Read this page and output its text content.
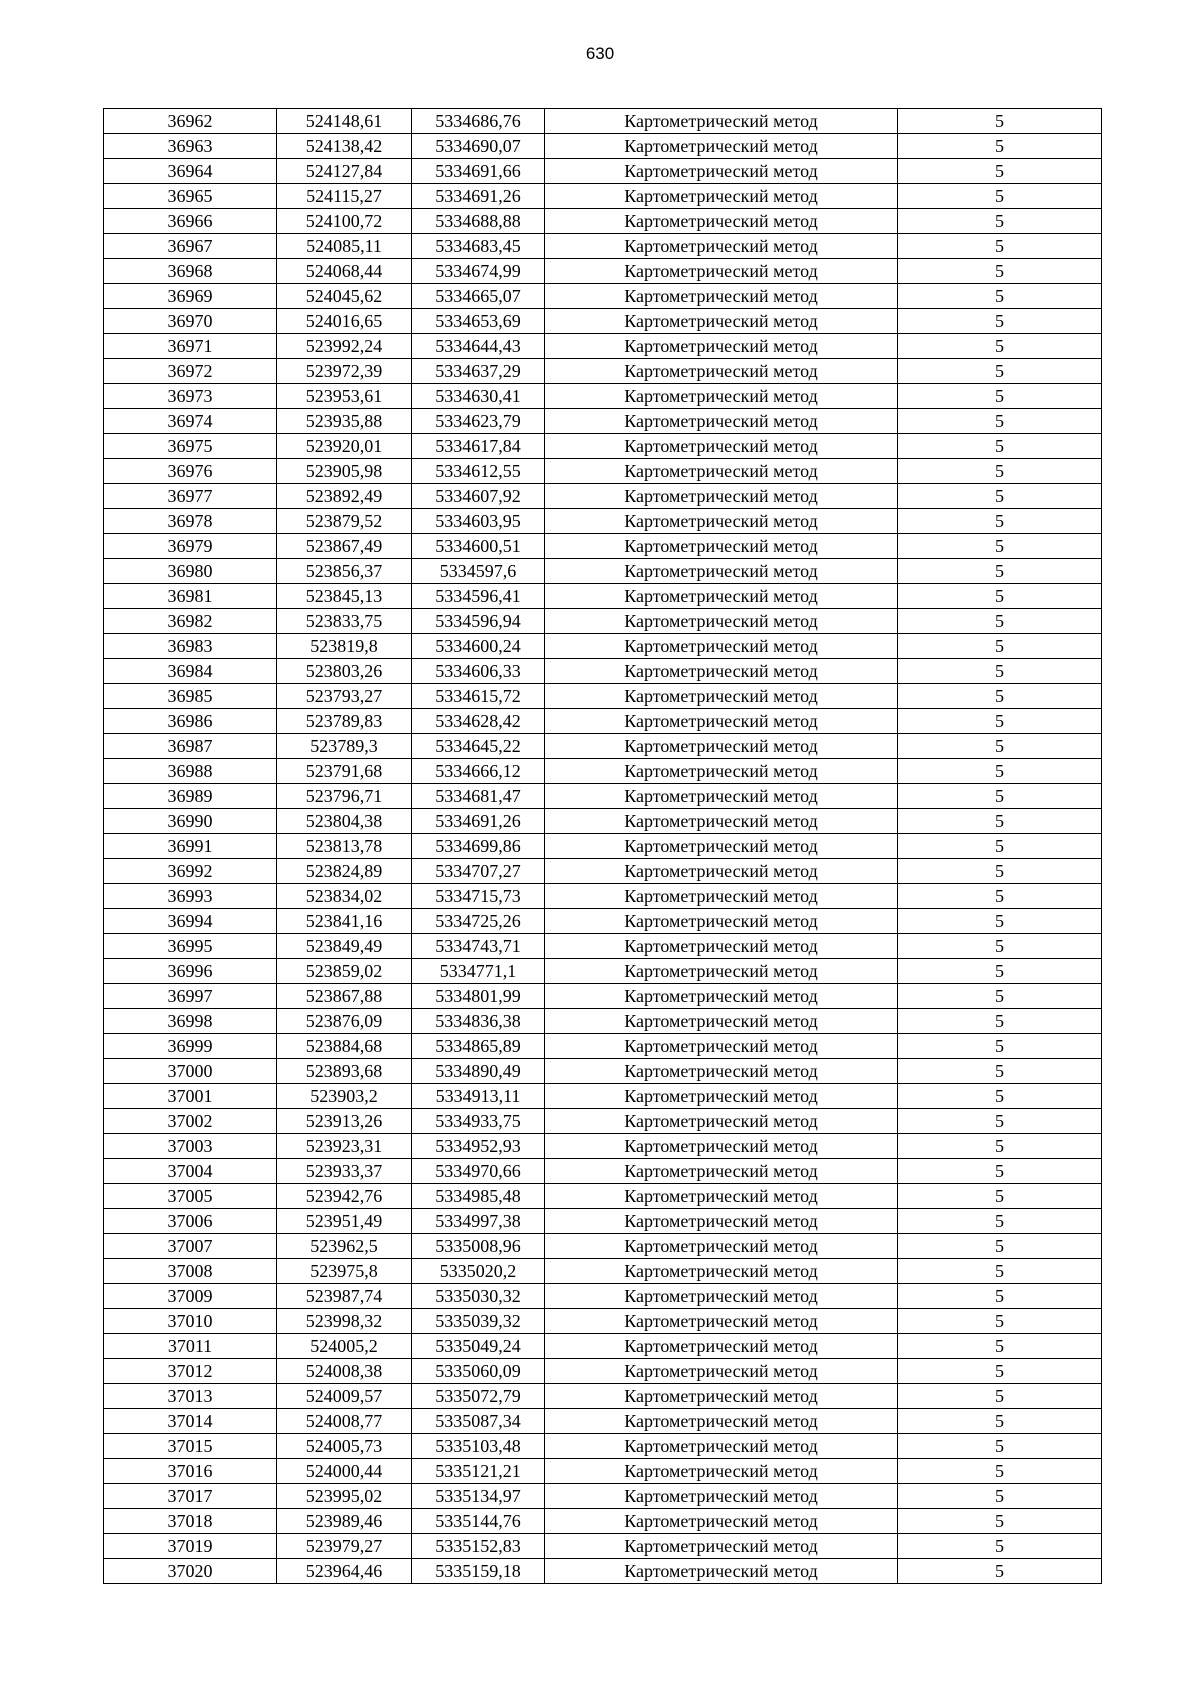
630
36962	524148,61	5334686,76	Картометрический метод	5
36963	524138,42	5334690,07	Картометрический метод	5
36964	524127,84	5334691,66	Картометрический метод	5
36965	524115,27	5334691,26	Картометрический метод	5
36966	524100,72	5334688,88	Картометрический метод	5
36967	524085,11	5334683,45	Картометрический метод	5
36968	524068,44	5334674,99	Картометрический метод	5
36969	524045,62	5334665,07	Картометрический метод	5
36970	524016,65	5334653,69	Картометрический метод	5
36971	523992,24	5334644,43	Картометрический метод	5
36972	523972,39	5334637,29	Картометрический метод	5
36973	523953,61	5334630,41	Картометрический метод	5
36974	523935,88	5334623,79	Картометрический метод	5
36975	523920,01	5334617,84	Картометрический метод	5
36976	523905,98	5334612,55	Картометрический метод	5
36977	523892,49	5334607,92	Картометрический метод	5
36978	523879,52	5334603,95	Картометрический метод	5
36979	523867,49	5334600,51	Картометрический метод	5
36980	523856,37	5334597,6	Картометрический метод	5
36981	523845,13	5334596,41	Картометрический метод	5
36982	523833,75	5334596,94	Картометрический метод	5
36983	523819,8	5334600,24	Картометрический метод	5
36984	523803,26	5334606,33	Картометрический метод	5
36985	523793,27	5334615,72	Картометрический метод	5
36986	523789,83	5334628,42	Картометрический метод	5
36987	523789,3	5334645,22	Картометрический метод	5
36988	523791,68	5334666,12	Картометрический метод	5
36989	523796,71	5334681,47	Картометрический метод	5
36990	523804,38	5334691,26	Картометрический метод	5
36991	523813,78	5334699,86	Картометрический метод	5
36992	523824,89	5334707,27	Картометрический метод	5
36993	523834,02	5334715,73	Картометрический метод	5
36994	523841,16	5334725,26	Картометрический метод	5
36995	523849,49	5334743,71	Картометрический метод	5
36996	523859,02	5334771,1	Картометрический метод	5
36997	523867,88	5334801,99	Картометрический метод	5
36998	523876,09	5334836,38	Картометрический метод	5
36999	523884,68	5334865,89	Картометрический метод	5
37000	523893,68	5334890,49	Картометрический метод	5
37001	523903,2	5334913,11	Картометрический метод	5
37002	523913,26	5334933,75	Картометрический метод	5
37003	523923,31	5334952,93	Картометрический метод	5
37004	523933,37	5334970,66	Картометрический метод	5
37005	523942,76	5334985,48	Картометрический метод	5
37006	523951,49	5334997,38	Картометрический метод	5
37007	523962,5	5335008,96	Картометрический метод	5
37008	523975,8	5335020,2	Картометрический метод	5
37009	523987,74	5335030,32	Картометрический метод	5
37010	523998,32	5335039,32	Картометрический метод	5
37011	524005,2	5335049,24	Картометрический метод	5
37012	524008,38	5335060,09	Картометрический метод	5
37013	524009,57	5335072,79	Картометрический метод	5
37014	524008,77	5335087,34	Картометрический метод	5
37015	524005,73	5335103,48	Картометрический метод	5
37016	524000,44	5335121,21	Картометрический метод	5
37017	523995,02	5335134,97	Картометрический метод	5
37018	523989,46	5335144,76	Картометрический метод	5
37019	523979,27	5335152,83	Картометрический метод	5
37020	523964,46	5335159,18	Картометрический метод	5
